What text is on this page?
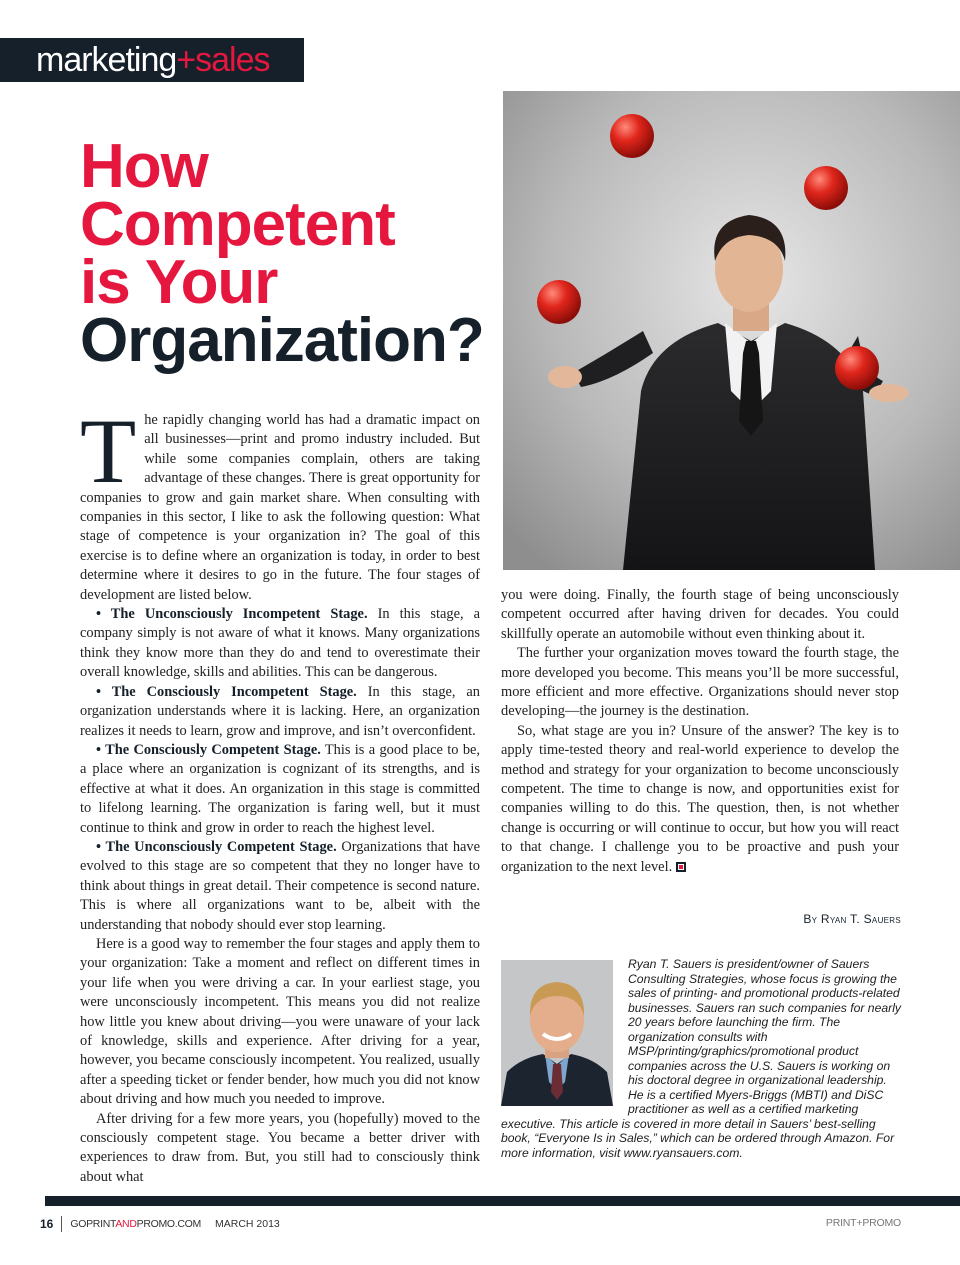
marketing+sales
How
Competent
is Your
Organization?

The rapidly changing world has had a dramatic impact on all businesses—print and promo industry included. But while some companies complain, others are taking advantage of these changes. There is great opportunity for companies to grow and gain market share. When consulting with companies in this sector, I like to ask the following question: What stage of competence is your organization in? The goal of this exercise is to define where an organization is today, in order to best determine where it desires to go in the future. The four stages of development are listed below.

• The Unconsciously Incompetent Stage. In this stage, a company simply is not aware of what it knows. Many organizations think they know more than they do and tend to overestimate their overall knowledge, skills and abilities. This can be dangerous.

• The Consciously Incompetent Stage. In this stage, an organization understands where it is lacking. Here, an organization realizes it needs to learn, grow and improve, and isn’t overconfident.

• The Consciously Competent Stage. This is a good place to be, a place where an organization is cognizant of its strengths, and is effective at what it does. An organization in this stage is committed to lifelong learning. The organization is faring well, but it must continue to think and grow in order to reach the highest level.

• The Unconsciously Competent Stage. Organizations that have evolved to this stage are so competent that they no longer have to think about things in great detail. Their competence is second nature. This is where all organizations want to be, albeit with the understanding that nobody should ever stop learning.

Here is a good way to remember the four stages and apply them to your organization: Take a moment and reflect on different times in your life when you were driving a car. In your earliest stage, you were unconsciously incompetent. This means you did not realize how little you knew about driving—you were unaware of your lack of knowledge, skills and experience. After driving for a year, however, you became consciously incompetent. You realized, usually after a speeding ticket or fender bender, how much you did not know about driving and how much you needed to improve.

After driving for a few more years, you (hopefully) moved to the consciously competent stage. You became a better driver with experiences to draw from. But, you still had to consciously think about what

you were doing. Finally, the fourth stage of being unconsciously competent occurred after having driven for decades. You could skillfully operate an automobile without even thinking about it.

The further your organization moves toward the fourth stage, the more developed you become. This means you’ll be more successful, more efficient and more effective. Organizations should never stop developing—the journey is the destination.

So, what stage are you in? Unsure of the answer? The key is to apply time-tested theory and real-world experience to develop the method and strategy for your organization to become unconsciously competent. The time to change is now, and opportunities exist for companies willing to do this. The question, then, is not whether change is occurring or will continue to occur, but how you will react to that change. I challenge you to be proactive and push your organization to the next level.

By Ryan T. Sauers
Ryan T. Sauers is president/owner of Sauers Consulting Strategies, whose focus is growing the sales of printing- and promotional products-related businesses. Sauers ran such companies for nearly 20 years before launching the firm. The organization consults with MSP/printing/graphics/promotional product companies across the U.S. Sauers is working on his doctoral degree in organizational leadership. He is a certified Myers-Briggs (MBTI) and DiSC practitioner as well as a certified marketing executive. This article is covered in more detail in Sauers’ best-selling book, “Everyone Is in Sales,” which can be ordered through Amazon. For more information, visit www.ryansauers.com.
16 GOPRINTANDPROMO.COM MARCH 2013	PRINT+PROMO
